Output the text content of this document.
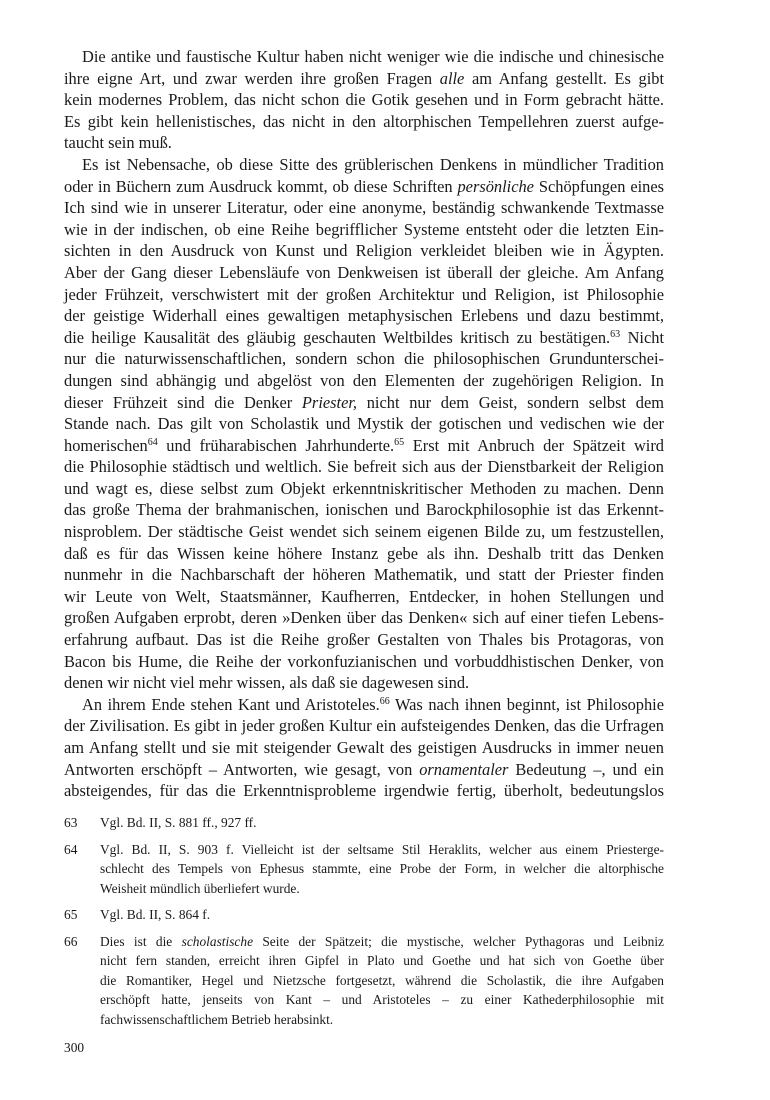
Die antike und faustische Kultur haben nicht weniger wie die indische und chinesische
ihre eigne Art, und zwar werden ihre großen Fragen alle am Anfang gestellt. Es gibt
kein modernes Problem, das nicht schon die Gotik gesehen und in Form gebracht hätte.
Es gibt kein hellenistisches, das nicht in den altorphischen Tempellehren zuerst aufge-
taucht sein muß.
Es ist Nebensache, ob diese Sitte des grüblerischen Denkens in mündlicher Tradition
oder in Büchern zum Ausdruck kommt, ob diese Schriften persönliche Schöpfungen eines
Ich sind wie in unserer Literatur, oder eine anonyme, beständig schwankende Textmasse
wie in der indischen, ob eine Reihe begrifflicher Systeme entsteht oder die letzten Ein-
sichten in den Ausdruck von Kunst und Religion verkleidet bleiben wie in Ägypten.
Aber der Gang dieser Lebensläufe von Denkweisen ist überall der gleiche. Am Anfang
jeder Frühzeit, verschwistert mit der großen Architektur und Religion, ist Philosophie
der geistige Widerhall eines gewaltigen metaphysischen Erlebens und dazu bestimmt,
die heilige Kausalität des gläubig geschauten Weltbildes kritisch zu bestätigen.$^{63}$ Nicht
nur die naturwissenschaftlichen, sondern schon die philosophischen Grundunterschei-
dungen sind abhängig und abgelöst von den Elementen der zugehörigen Religion. In
dieser Frühzeit sind die Denker Priester, nicht nur dem Geist, sondern selbst dem
Stande nach. Das gilt von Scholastik und Mystik der gotischen und vedischen wie der
homerischen$^{64}$ und früharabischen Jahrhunderte.$^{65}$ Erst mit Anbruch der Spätzeit wird
die Philosophie städtisch und weltlich. Sie befreit sich aus der Dienstbarkeit der Religion
und wagt es, diese selbst zum Objekt erkenntniskritischer Methoden zu machen. Denn
das große Thema der brahmanischen, ionischen und Barockphilosophie ist das Erkennt-
nisproblem. Der städtische Geist wendet sich seinem eigenen Bilde zu, um festzustellen,
daß es für das Wissen keine höhere Instanz gebe als ihn. Deshalb tritt das Denken
nunmehr in die Nachbarschaft der höheren Mathematik, und statt der Priester finden
wir Leute von Welt, Staatsmänner, Kaufherren, Entdecker, in hohen Stellungen und
großen Aufgaben erprobt, deren »Denken über das Denken« sich auf einer tiefen Lebens-
erfahrung aufbaut. Das ist die Reihe großer Gestalten von Thales bis Protagoras, von
Bacon bis Hume, die Reihe der vorkonfuzianischen und vorbuddhistischen Denker, von
denen wir nicht viel mehr wissen, als daß sie dagewesen sind.
An ihrem Ende stehen Kant und Aristoteles.$^{66}$ Was nach ihnen beginnt, ist Philosophie
der Zivilisation. Es gibt in jeder großen Kultur ein aufsteigendes Denken, das die Urfragen
am Anfang stellt und sie mit steigender Gewalt des geistigen Ausdrucks in immer neuen
Antworten erschöpft – Antworten, wie gesagt, von ornamentaler Bedeutung –, und ein
absteigendes, für das die Erkenntnisprobleme irgendwie fertig, überholt, bedeutungslos
63 Vgl. Bd. II, S. 881 ff., 927 ff.
64 Vgl. Bd. II, S. 903 f. Vielleicht ist der seltsame Stil Heraklits, welcher aus einem Priesterge-
schlecht des Tempels von Ephesus stammte, eine Probe der Form, in welcher die altorphische
Weisheit mündlich überliefert wurde.
65 Vgl. Bd. II, S. 864 f.
66 Dies ist die scholastische Seite der Spätzeit; die mystische, welcher Pythagoras und Leibniz
nicht fern standen, erreicht ihren Gipfel in Plato und Goethe und hat sich von Goethe über
die Romantiker, Hegel und Nietzsche fortgesetzt, während die Scholastik, die ihre Aufgaben
erschöpft hatte, jenseits von Kant – und Aristoteles – zu einer Kathederphilosophie mit
fachwissenschaftlichem Betrieb herabsinkt.
300
